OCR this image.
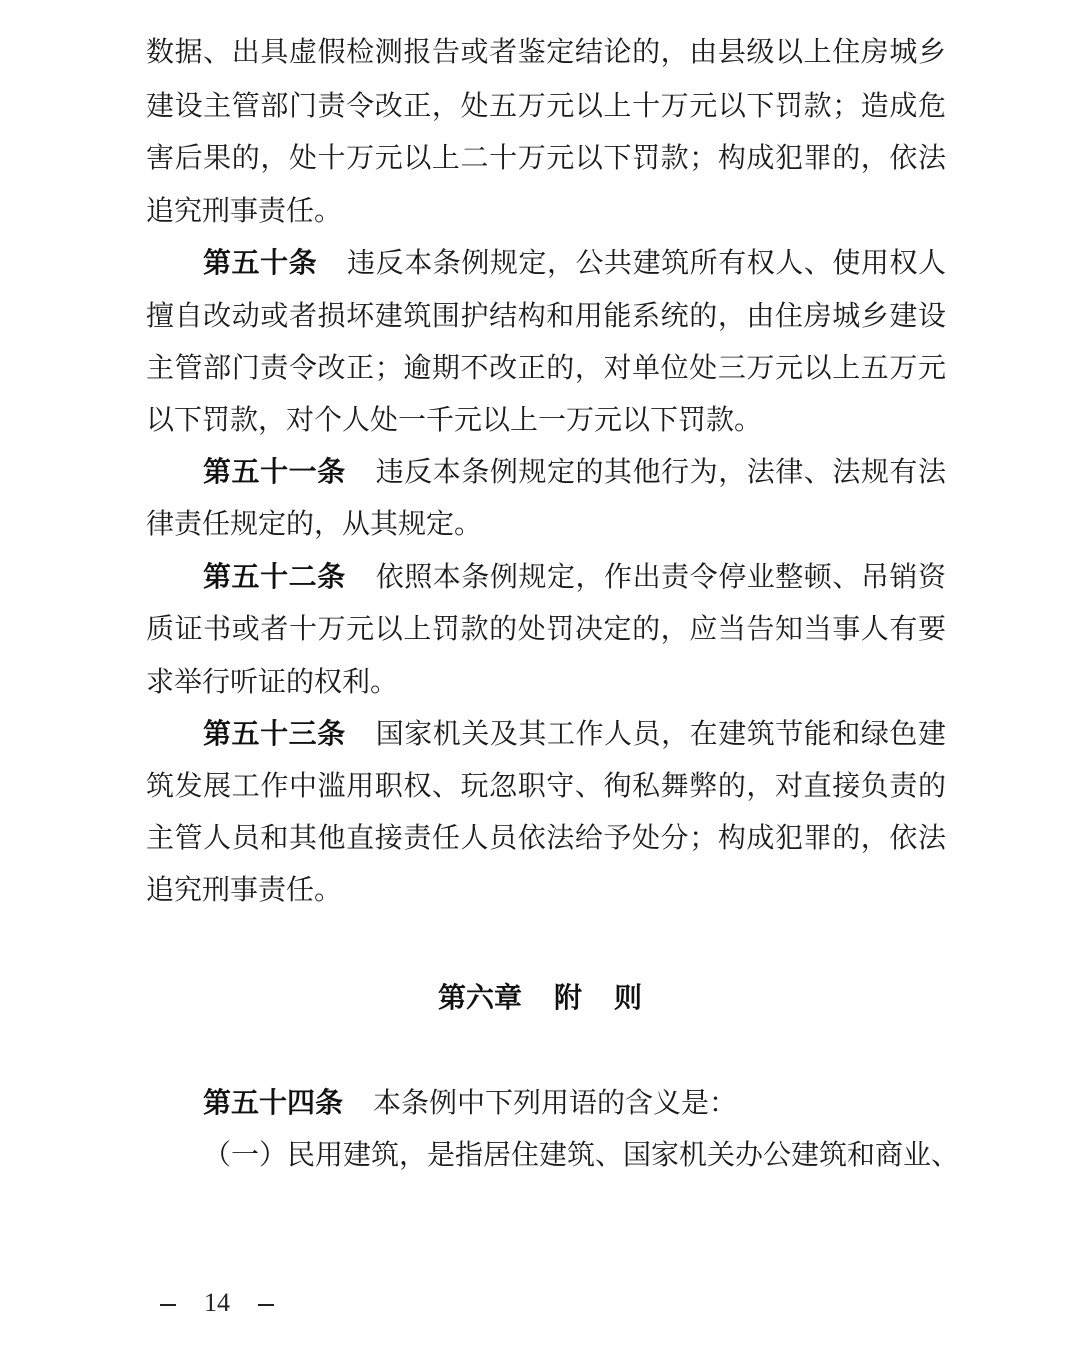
数据、出具虚假检测报告或者鉴定结论的，由县级以上住房城乡
建设主管部门责令改正，处五万元以上十万元以下罚款；造成危
害后果的，处十万元以上二十万元以下罚款；构成犯罪的，依法
追究刑事责任。
第五十条 违反本条例规定，公共建筑所有权人、使用权人
擅自改动或者损坏建筑围护结构和用能系统的，由住房城乡建设
主管部门责令改正；逾期不改正的，对单位处三万元以上五万元
以下罚款，对个人处一千元以上一万元以下罚款。
第五十一条 违反本条例规定的其他行为，法律、法规有法
律责任规定的，从其规定。
第五十二条 依照本条例规定，作出责令停业整顿、吊销资
质证书或者十万元以上罚款的处罚决定的，应当告知当事人有要
求举行听证的权利。
第五十三条 国家机关及其工作人员，在建筑节能和绿色建
筑发展工作中滥用职权、玩忽职守、徇私舞弊的，对直接负责的
主管人员和其他直接责任人员依法给予处分；构成犯罪的，依法
追究刑事责任。
第六章 附 则
第五十四条 本条例中下列用语的含义是：
（一）民用建筑，是指居住建筑、国家机关办公建筑和商业、
14
